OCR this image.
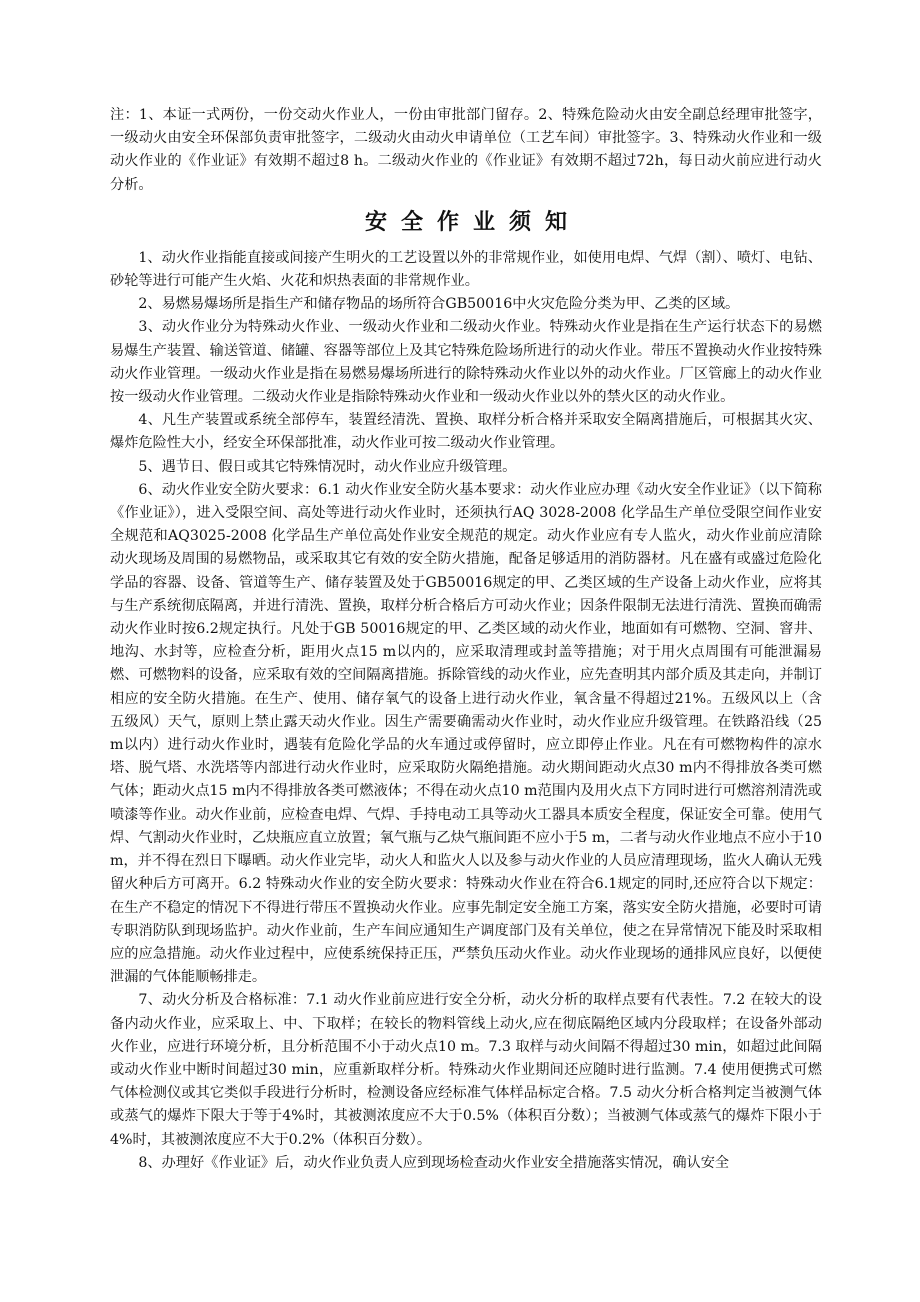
注：1、本证一式两份，一份交动火作业人，一份由审批部门留存。2、特殊危险动火由安全副总经理审批签字，一级动火由安全环保部负责审批签字，二级动火由动火申请单位（工艺车间）审批签字。3、特殊动火作业和一级动火作业的《作业证》有效期不超过8 h。二级动火作业的《作业证》有效期不超过72h，每日动火前应进行动火分析。

安全作业须知

1、动火作业指能直接或间接产生明火的工艺设置以外的非常规作业，如使用电焊、气焊（割）、喷灯、电钻、砂轮等进行可能产生火焰、火花和炽热表面的非常规作业。

2、易燃易爆场所是指生产和储存物品的场所符合GB50016中火灾危险分类为甲、乙类的区域。

3、动火作业分为特殊动火作业、一级动火作业和二级动火作业。特殊动火作业是指在生产运行状态下的易燃易爆生产装置、输送管道、储罐、容器等部位上及其它特殊危险场所进行的动火作业。带压不置换动火作业按特殊动火作业管理。一级动火作业是指在易燃易爆场所进行的除特殊动火作业以外的动火作业。厂区管廊上的动火作业按一级动火作业管理。二级动火作业是指除特殊动火作业和一级动火作业以外的禁火区的动火作业。

4、凡生产装置或系统全部停车，装置经清洗、置换、取样分析合格并采取安全隔离措施后，可根据其火灾、爆炸危险性大小，经安全环保部批准，动火作业可按二级动火作业管理。

5、遇节日、假日或其它特殊情况时，动火作业应升级管理。

6、动火作业安全防火要求：6.1 动火作业安全防火基本要求：动火作业应办理《动火安全作业证》（以下简称《作业证》），进入受限空间、高处等进行动火作业时，还须执行AQ 3028-2008 化学品生产单位受限空间作业安全规范和AQ3025-2008 化学品生产单位高处作业安全规范的规定。动火作业应有专人监火，动火作业前应清除动火现场及周围的易燃物品，或采取其它有效的安全防火措施，配备足够适用的消防器材。凡在盛有或盛过危险化学品的容器、设备、管道等生产、储存装置及处于GB50016规定的甲、乙类区域的生产设备上动火作业，应将其与生产系统彻底隔离，并进行清洗、置换，取样分析合格后方可动火作业；因条件限制无法进行清洗、置换而确需动火作业时按6.2规定执行。凡处于GB 50016规定的甲、乙类区域的动火作业，地面如有可燃物、空洞、窨井、地沟、水封等，应检查分析，距用火点15 m以内的，应采取清理或封盖等措施；对于用火点周围有可能泄漏易燃、可燃物料的设备，应采取有效的空间隔离措施。拆除管线的动火作业，应先查明其内部介质及其走向，并制订相应的安全防火措施。在生产、使用、储存氧气的设备上进行动火作业，氧含量不得超过21%。五级风以上（含五级风）天气，原则上禁止露天动火作业。因生产需要确需动火作业时，动火作业应升级管理。在铁路沿线（25 m以内）进行动火作业时，遇装有危险化学品的火车通过或停留时，应立即停止作业。凡在有可燃物构件的凉水塔、脱气塔、水洗塔等内部进行动火作业时，应采取防火隔绝措施。动火期间距动火点30 m内不得排放各类可燃气体；距动火点15 m内不得排放各类可燃液体；不得在动火点10 m范围内及用火点下方同时进行可燃溶剂清洗或喷漆等作业。动火作业前，应检查电焊、气焊、手持电动工具等动火工器具本质安全程度，保证安全可靠。使用气焊、气割动火作业时，乙炔瓶应直立放置；氧气瓶与乙炔气瓶间距不应小于5 m，二者与动火作业地点不应小于10 m，并不得在烈日下曝晒。动火作业完毕，动火人和监火人以及参与动火作业的人员应清理现场，监火人确认无残留火种后方可离开。6.2 特殊动火作业的安全防火要求：特殊动火作业在符合6.1规定的同时,还应符合以下规定： 在生产不稳定的情况下不得进行带压不置换动火作业。应事先制定安全施工方案，落实安全防火措施，必要时可请专职消防队到现场监护。动火作业前，生产车间应通知生产调度部门及有关单位，使之在异常情况下能及时采取相应的应急措施。动火作业过程中，应使系统保持正压，严禁负压动火作业。动火作业现场的通排风应良好，以便使泄漏的气体能顺畅排走。

7、动火分析及合格标准：7.1 动火作业前应进行安全分析，动火分析的取样点要有代表性。7.2 在较大的设备内动火作业，应采取上、中、下取样；在较长的物料管线上动火,应在彻底隔绝区域内分段取样；在设备外部动火作业，应进行环境分析，且分析范围不小于动火点10 m。7.3 取样与动火间隔不得超过30 min，如超过此间隔或动火作业中断时间超过30 min，应重新取样分析。特殊动火作业期间还应随时进行监测。7.4 使用便携式可燃气体检测仪或其它类似手段进行分析时，检测设备应经标准气体样品标定合格。7.5 动火分析合格判定当被测气体或蒸气的爆炸下限大于等于4%时，其被测浓度应不大于0.5%（体积百分数）；当被测气体或蒸气的爆炸下限小于4%时，其被测浓度应不大于0.2%（体积百分数）。

8、办理好《作业证》后，动火作业负责人应到现场检查动火作业安全措施落实情况，确认安全
